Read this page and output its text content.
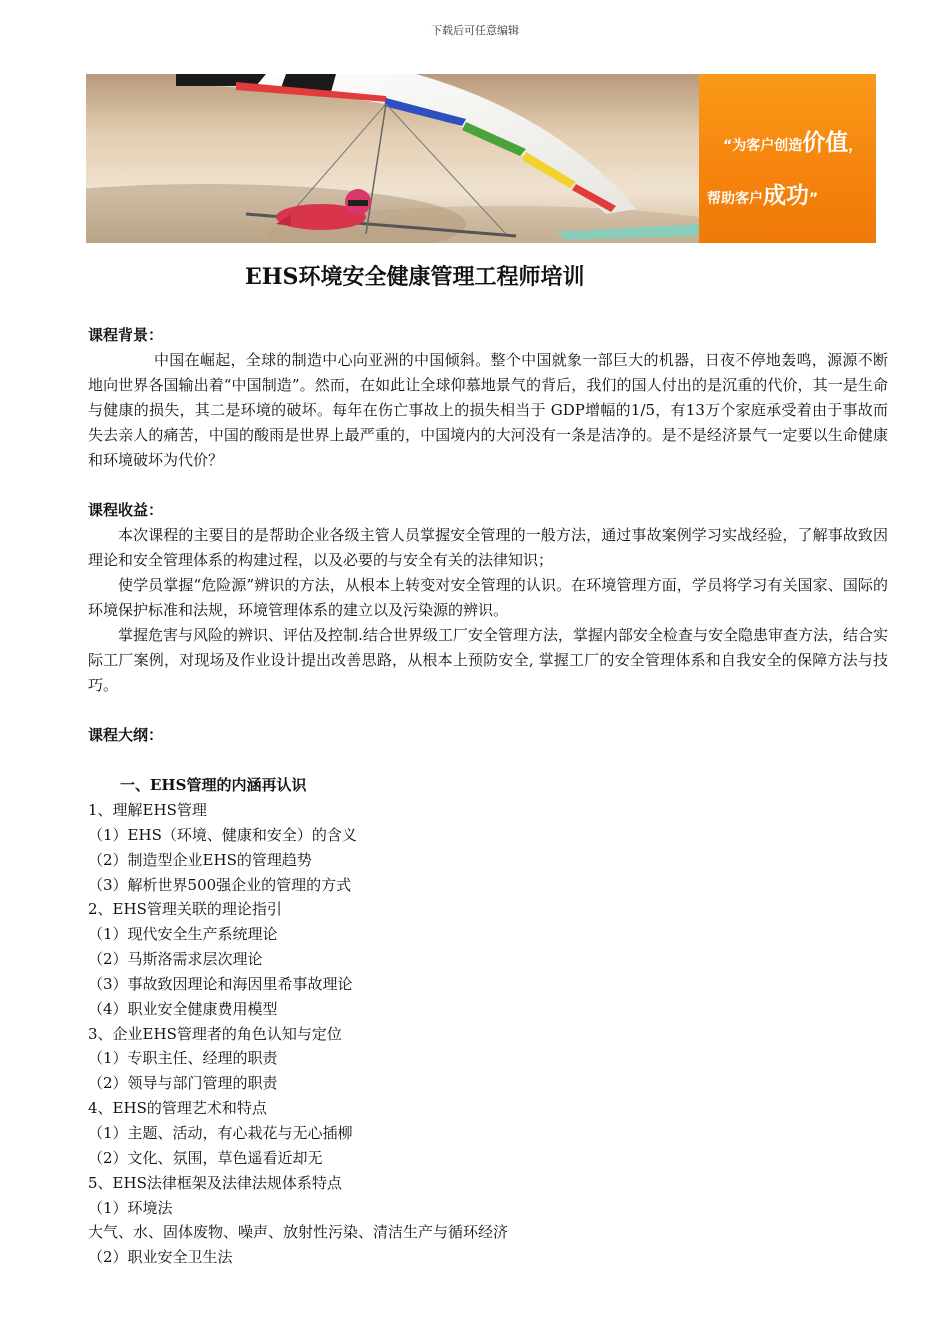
下载后可任意编辑
“为客户创造价值，
帮助客户成功”
EHS环境安全健康管理工程师培训

课程背景：

中国在崛起，全球的制造中心向亚洲的中国倾斜。整个中国就象一部巨大的机器，日夜不停地轰鸣，源源不断地向世界各国输出着“中国制造”。然而，在如此让全球仰慕地景气的背后，我们的国人付出的是沉重的代价，其一是生命与健康的损失，其二是环境的破坏。每年在伤亡事故上的损失相当于 GDP增幅的1/5，有13万个家庭承受着由于事故而失去亲人的痛苦，中国的酸雨是世界上最严重的，中国境内的大河没有一条是洁净的。是不是经济景气一定要以生命健康和环境破坏为代价？

课程收益：

本次课程的主要目的是帮助企业各级主管人员掌握安全管理的一般方法，通过事故案例学习实战经验，了解事故致因理论和安全管理体系的构建过程，以及必要的与安全有关的法律知识；

使学员掌握“危险源”辨识的方法，从根本上转变对安全管理的认识。在环境管理方面，学员将学习有关国家、国际的环境保护标准和法规，环境管理体系的建立以及污染源的辨识。

掌握危害与风险的辨识、评估及控制.结合世界级工厂安全管理方法，掌握内部安全检查与安全隐患审查方法，结合实际工厂案例，对现场及作业设计提出改善思路，从根本上预防安全, 掌握工厂的安全管理体系和自我安全的保障方法与技巧。

课程大纲：

一、EHS管理的内涵再认识

1、理解EHS管理

（1）EHS（环境、健康和安全）的含义

（2）制造型企业EHS的管理趋势

（3）解析世界500强企业的管理的方式

2、EHS管理关联的理论指引

（1）现代安全生产系统理论

（2）马斯洛需求层次理论

（3）事故致因理论和海因里希事故理论

（4）职业安全健康费用模型

3、企业EHS管理者的角色认知与定位

（1）专职主任、经理的职责

（2）领导与部门管理的职责

4、EHS的管理艺术和特点

（1）主题、活动，有心栽花与无心插柳

（2）文化、氛围，草色遥看近却无

5、EHS法律框架及法律法规体系特点

（1）环境法

大气、水、固体废物、噪声、放射性污染、清洁生产与循环经济

（2）职业安全卫生法
